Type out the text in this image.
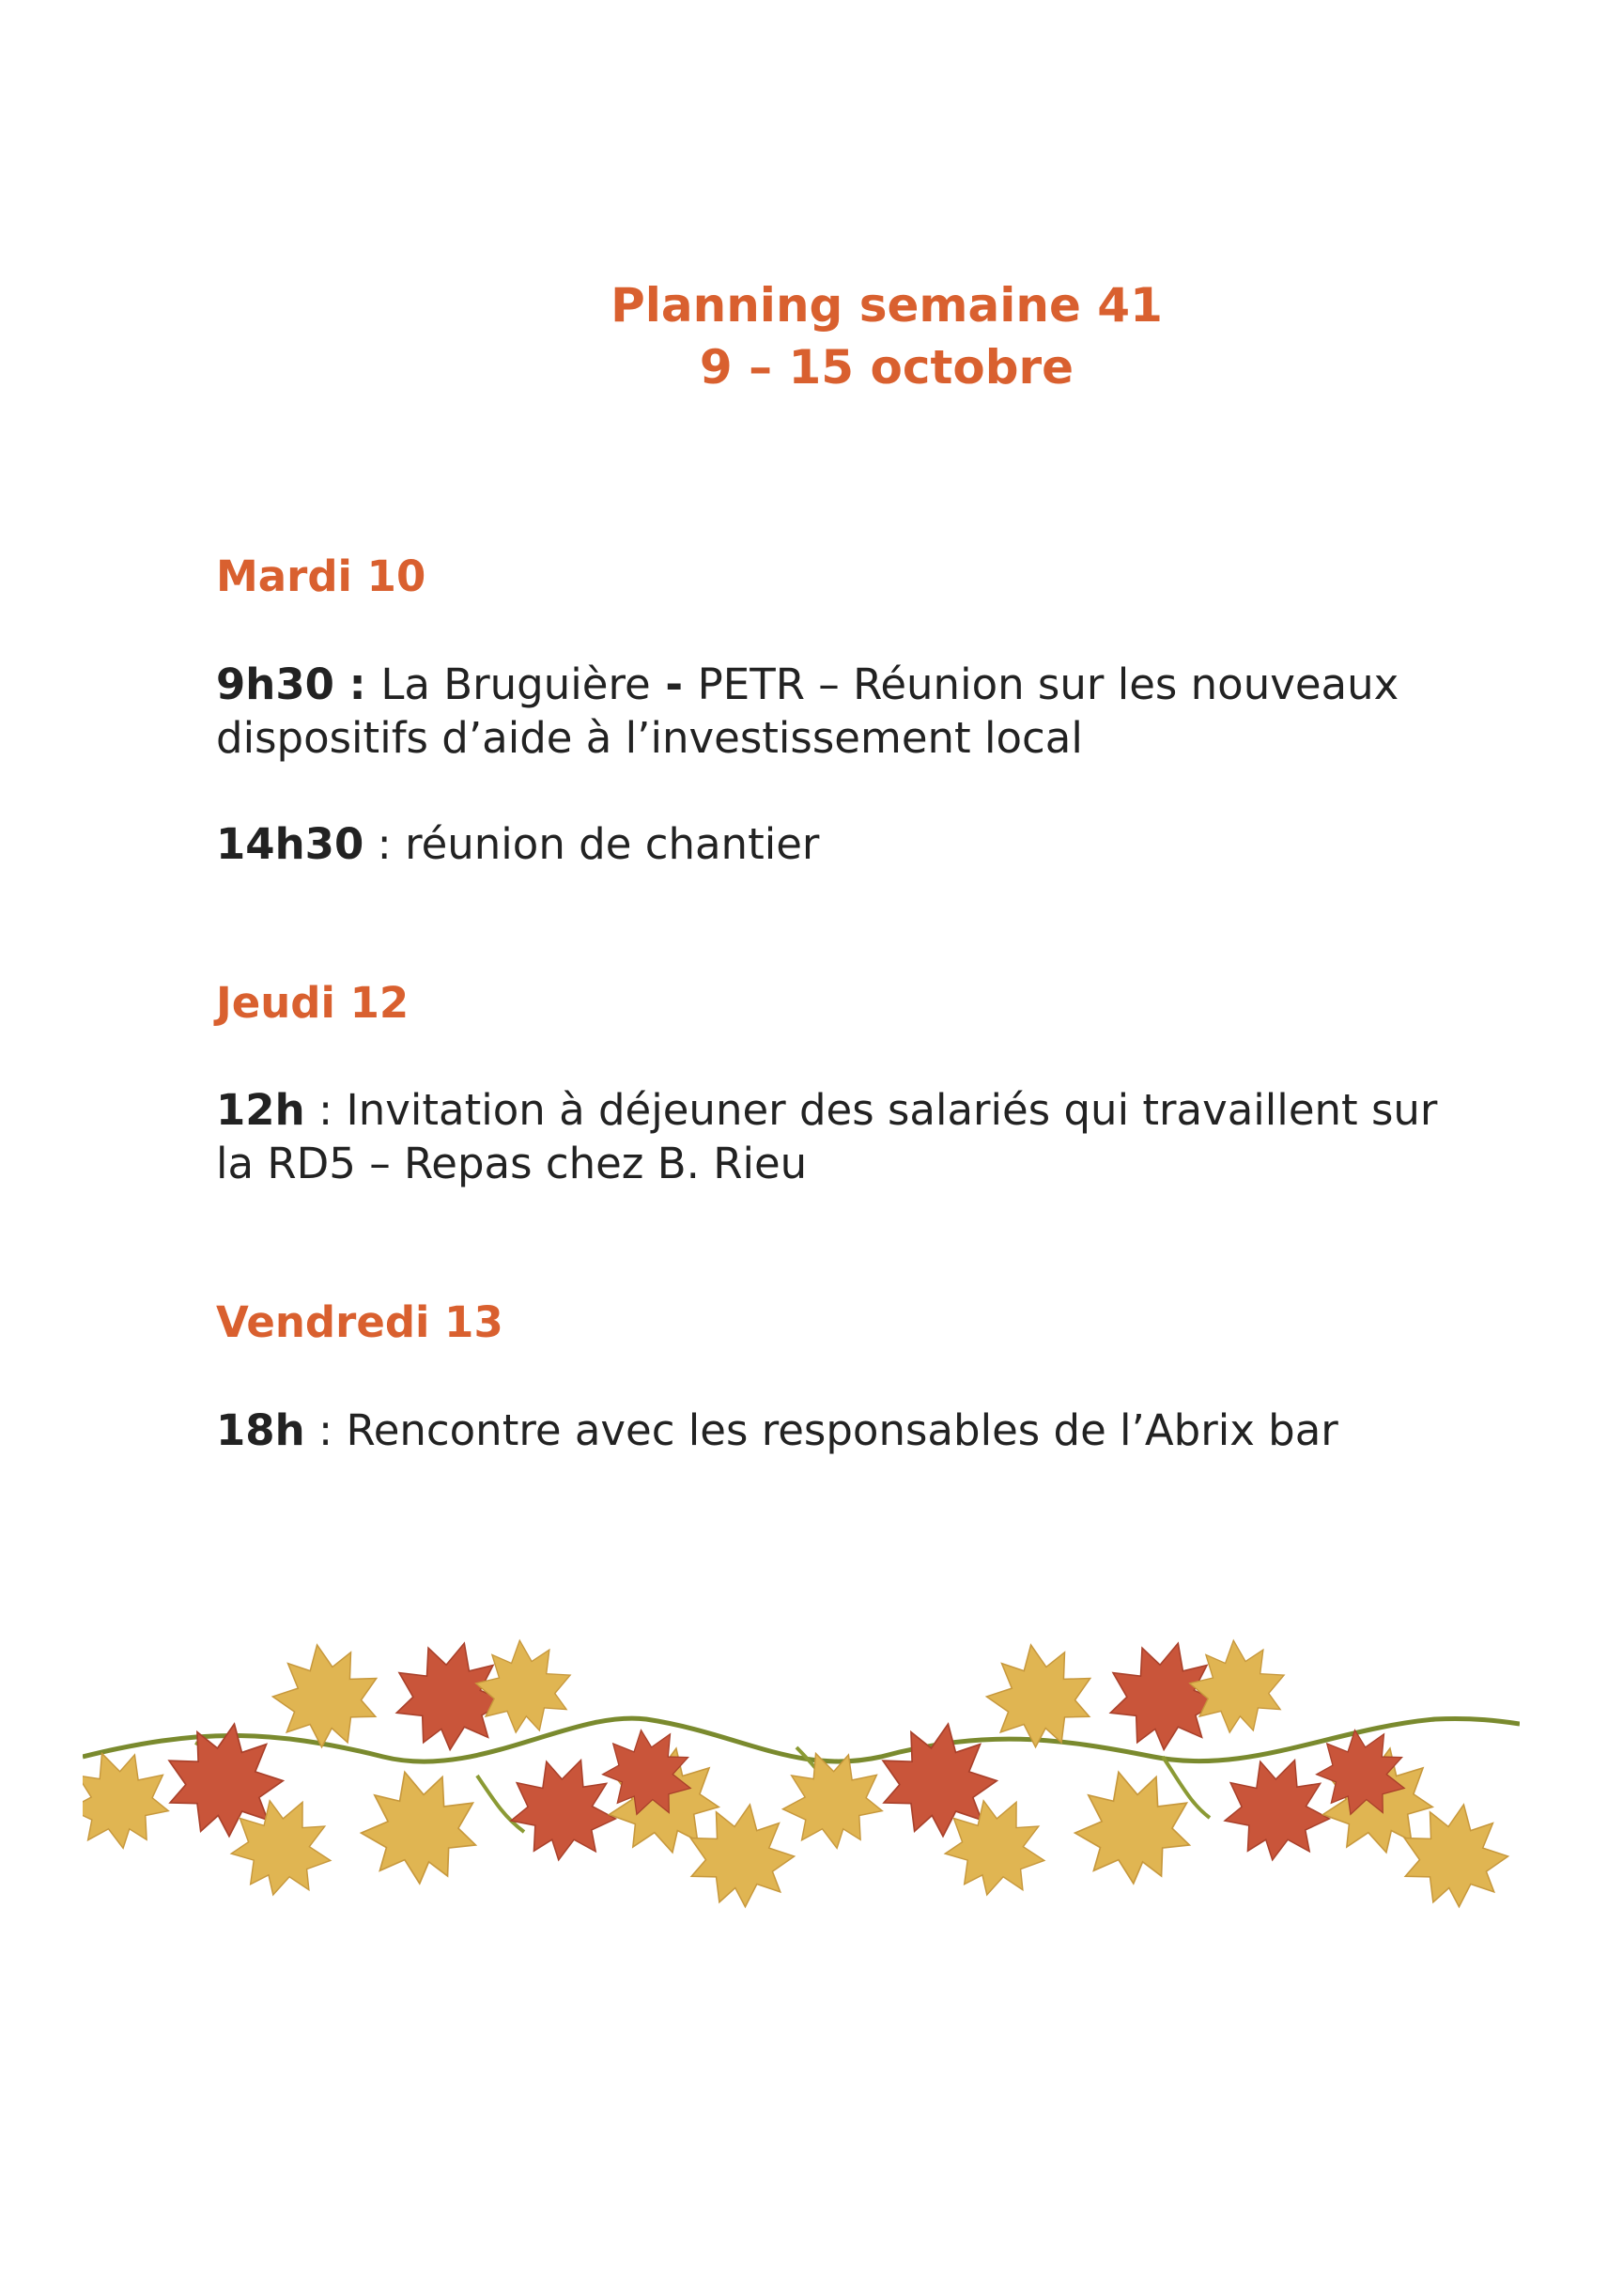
Planning semaine 41
9 – 15 octobre
Mardi 10

9h30 : La Bruguière - PETR – Réunion sur les nouveaux
dispositifs d’aide à l’investissement local

14h30 : réunion de chantier

Jeudi 12

12h : Invitation à déjeuner des salariés qui travaillent sur
la RD5 – Repas chez B. Rieu

Vendredi 13

18h : Rencontre avec les responsables de l’Abrix bar
